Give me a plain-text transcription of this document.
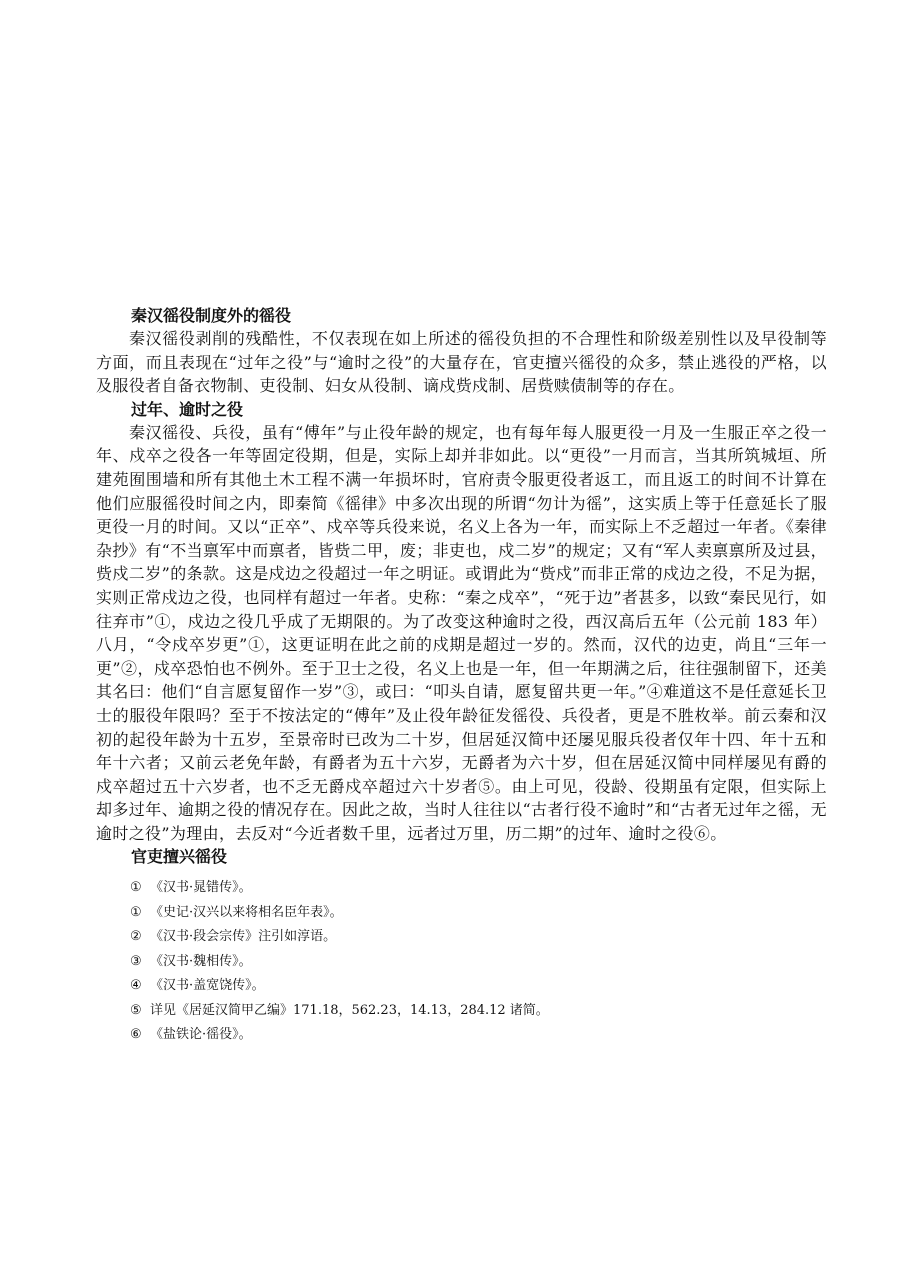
秦汉徭役制度外的徭役

秦汉徭役剥削的残酷性，不仅表现在如上所述的徭役负担的不合理性和阶级差别性以及早役制等方面，而且表现在“过年之役”与“逾时之役”的大量存在，官吏擅兴徭役的众多，禁止逃役的严格，以及服役者自备衣物制、吏役制、妇女从役制、谪戍赀戍制、居赀赎债制等的存在。

过年、逾时之役

秦汉徭役、兵役，虽有“傅年”与止役年龄的规定，也有每年每人服更役一月及一生服正卒之役一年、戍卒之役各一年等固定役期，但是，实际上却并非如此。以“更役”一月而言，当其所筑城垣、所建苑囿围墙和所有其他土木工程不满一年损坏时，官府责令服更役者返工，而且返工的时间不计算在他们应服徭役时间之内，即秦简《徭律》中多次出现的所谓“勿计为徭”，这实质上等于任意延长了服更役一月的时间。又以“正卒”、戍卒等兵役来说，名义上各为一年，而实际上不乏超过一年者。《秦律杂抄》有“不当禀军中而禀者，皆赀二甲，废；非吏也，戍二岁”的规定；又有“军人卖禀禀所及过县，赀戍二岁”的条款。这是戍边之役超过一年之明证。或谓此为“赀戍”而非正常的戍边之役，不足为据，实则正常戍边之役，也同样有超过一年者。史称：“秦之戍卒”，“死于边”者甚多，以致“秦民见行，如往弃市”①，戍边之役几乎成了无期限的。为了改变这种逾时之役，西汉高后五年（公元前 183 年）八月，“令戍卒岁更”①，这更证明在此之前的戍期是超过一岁的。然而，汉代的边吏，尚且“三年一更”②，戍卒恐怕也不例外。至于卫士之役，名义上也是一年，但一年期满之后，往往强制留下，还美其名曰：他们“自言愿复留作一岁”③，或曰：“叩头自请，愿复留共更一年。”④难道这不是任意延长卫士的服役年限吗？至于不按法定的“傅年”及止役年龄征发徭役、兵役者，更是不胜枚举。前云秦和汉初的起役年龄为十五岁，至景帝时已改为二十岁，但居延汉简中还屡见服兵役者仅年十四、年十五和年十六者；又前云老免年龄，有爵者为五十六岁，无爵者为六十岁，但在居延汉简中同样屡见有爵的戍卒超过五十六岁者，也不乏无爵戍卒超过六十岁者⑤。由上可见，役龄、役期虽有定限，但实际上却多过年、逾期之役的情况存在。因此之故，当时人往往以“古者行役不逾时”和“古者无过年之徭，无逾时之役”为理由，去反对“今近者数千里，远者过万里，历二期”的过年、逾时之役⑥。

官吏擅兴徭役

① 《汉书·晁错传》。

① 《史记·汉兴以来将相名臣年表》。

② 《汉书·段会宗传》注引如淳语。

③ 《汉书·魏相传》。

④ 《汉书·盖宽饶传》。

⑤ 详见《居延汉简甲乙编》171.18，562.23，14.13，284.12 诸简。

⑥ 《盐铁论·徭役》。
